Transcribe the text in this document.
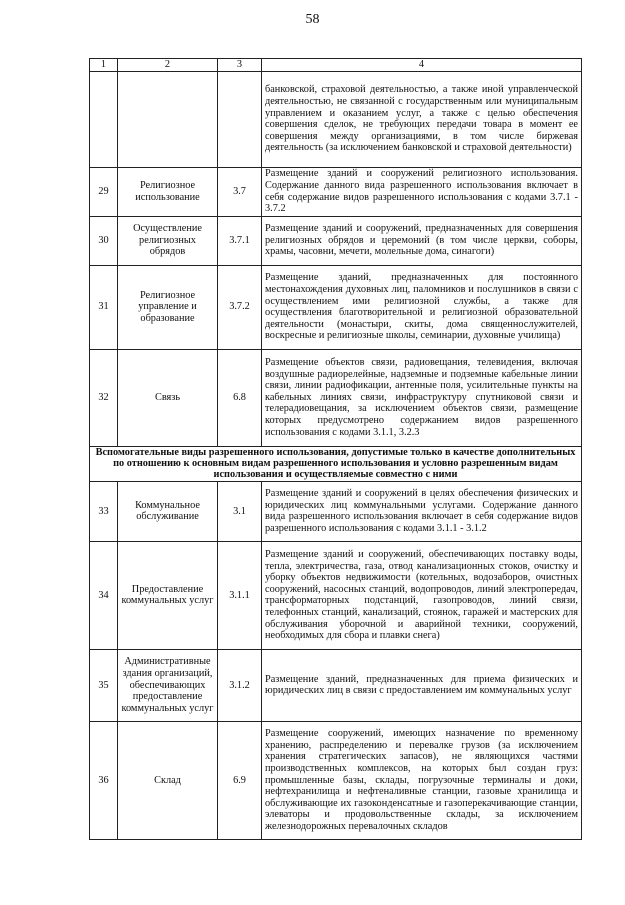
58
1	2	3	4
			банковской, страховой деятельностью, а также иной управленческой деятельностью, не связанной с государственным или муниципальным управлением и оказанием услуг, а также с целью обеспечения совершения сделок, не требующих передачи товара в момент ее совершения между организациями, в том числе биржевая деятельность (за исключением банковской и страховой деятельности)
29	Религиозное использование	3.7	Размещение зданий и сооружений религиозного использования. Содержание данного вида разрешенного использования включает в себя содержание видов разрешенного использования с кодами 3.7.1 - 3.7.2
30	Осуществление религиозных обрядов	3.7.1	Размещение зданий и сооружений, предназначенных для совершения религиозных обрядов и церемоний (в том числе церкви, соборы, храмы, часовни, мечети, молельные дома, синагоги)
31	Религиозное управление и образование	3.7.2	Размещение зданий, предназначенных для постоянного местонахождения духовных лиц, паломников и послушников в связи с осуществлением ими религиозной службы, а также для осуществления благотворительной и религиозной образовательной деятельности (монастыри, скиты, дома священнослужителей, воскресные и религиозные школы, семинарии, духовные училища)
32	Связь	6.8	Размещение объектов связи, радиовещания, телевидения, включая воздушные радиорелейные, надземные и подземные кабельные линии связи, линии радиофикации, антенные поля, усилительные пункты на кабельных линиях связи, инфраструктуру спутниковой связи и телерадиовещания, за исключением объектов связи, размещение которых предусмотрено содержанием видов разрешенного использования с кодами 3.1.1, 3.2.3
Вспомогательные виды разрешенного использования, допустимые только в качестве дополнительных по отношению к основным видам разрешенного использования и условно разрешенным видам использования и осуществляемые совместно с ними			
33	Коммунальное обслуживание	3.1	Размещение зданий и сооружений в целях обеспечения физических и юридических лиц коммунальными услугами. Содержание данного вида разрешенного использования включает в себя содержание видов разрешенного использования с кодами 3.1.1 - 3.1.2
34	Предоставление коммунальных услуг	3.1.1	Размещение зданий и сооружений, обеспечивающих поставку воды, тепла, электричества, газа, отвод канализационных стоков, очистку и уборку объектов недвижимости (котельных, водозаборов, очистных сооружений, насосных станций, водопроводов, линий электропередач, трансформаторных подстанций, газопроводов, линий связи, телефонных станций, канализаций, стоянок, гаражей и мастерских для обслуживания уборочной и аварийной техники, сооружений, необходимых для сбора и плавки снега)
35	Административные здания организаций, обеспечивающих предоставление коммунальных услуг	3.1.2	Размещение зданий, предназначенных для приема физических и юридических лиц в связи с предоставлением им коммунальных услуг
36	Склад	6.9	Размещение сооружений, имеющих назначение по временному хранению, распределению и перевалке грузов (за исключением хранения стратегических запасов), не являющихся частями производственных комплексов, на которых был создан груз: промышленные базы, склады, погрузочные терминалы и доки, нефтехранилища и нефтеналивные станции, газовые хранилища и обслуживающие их газоконденсатные и газоперекачивающие станции, элеваторы и продовольственные склады, за исключением железнодорожных перевалочных складов
